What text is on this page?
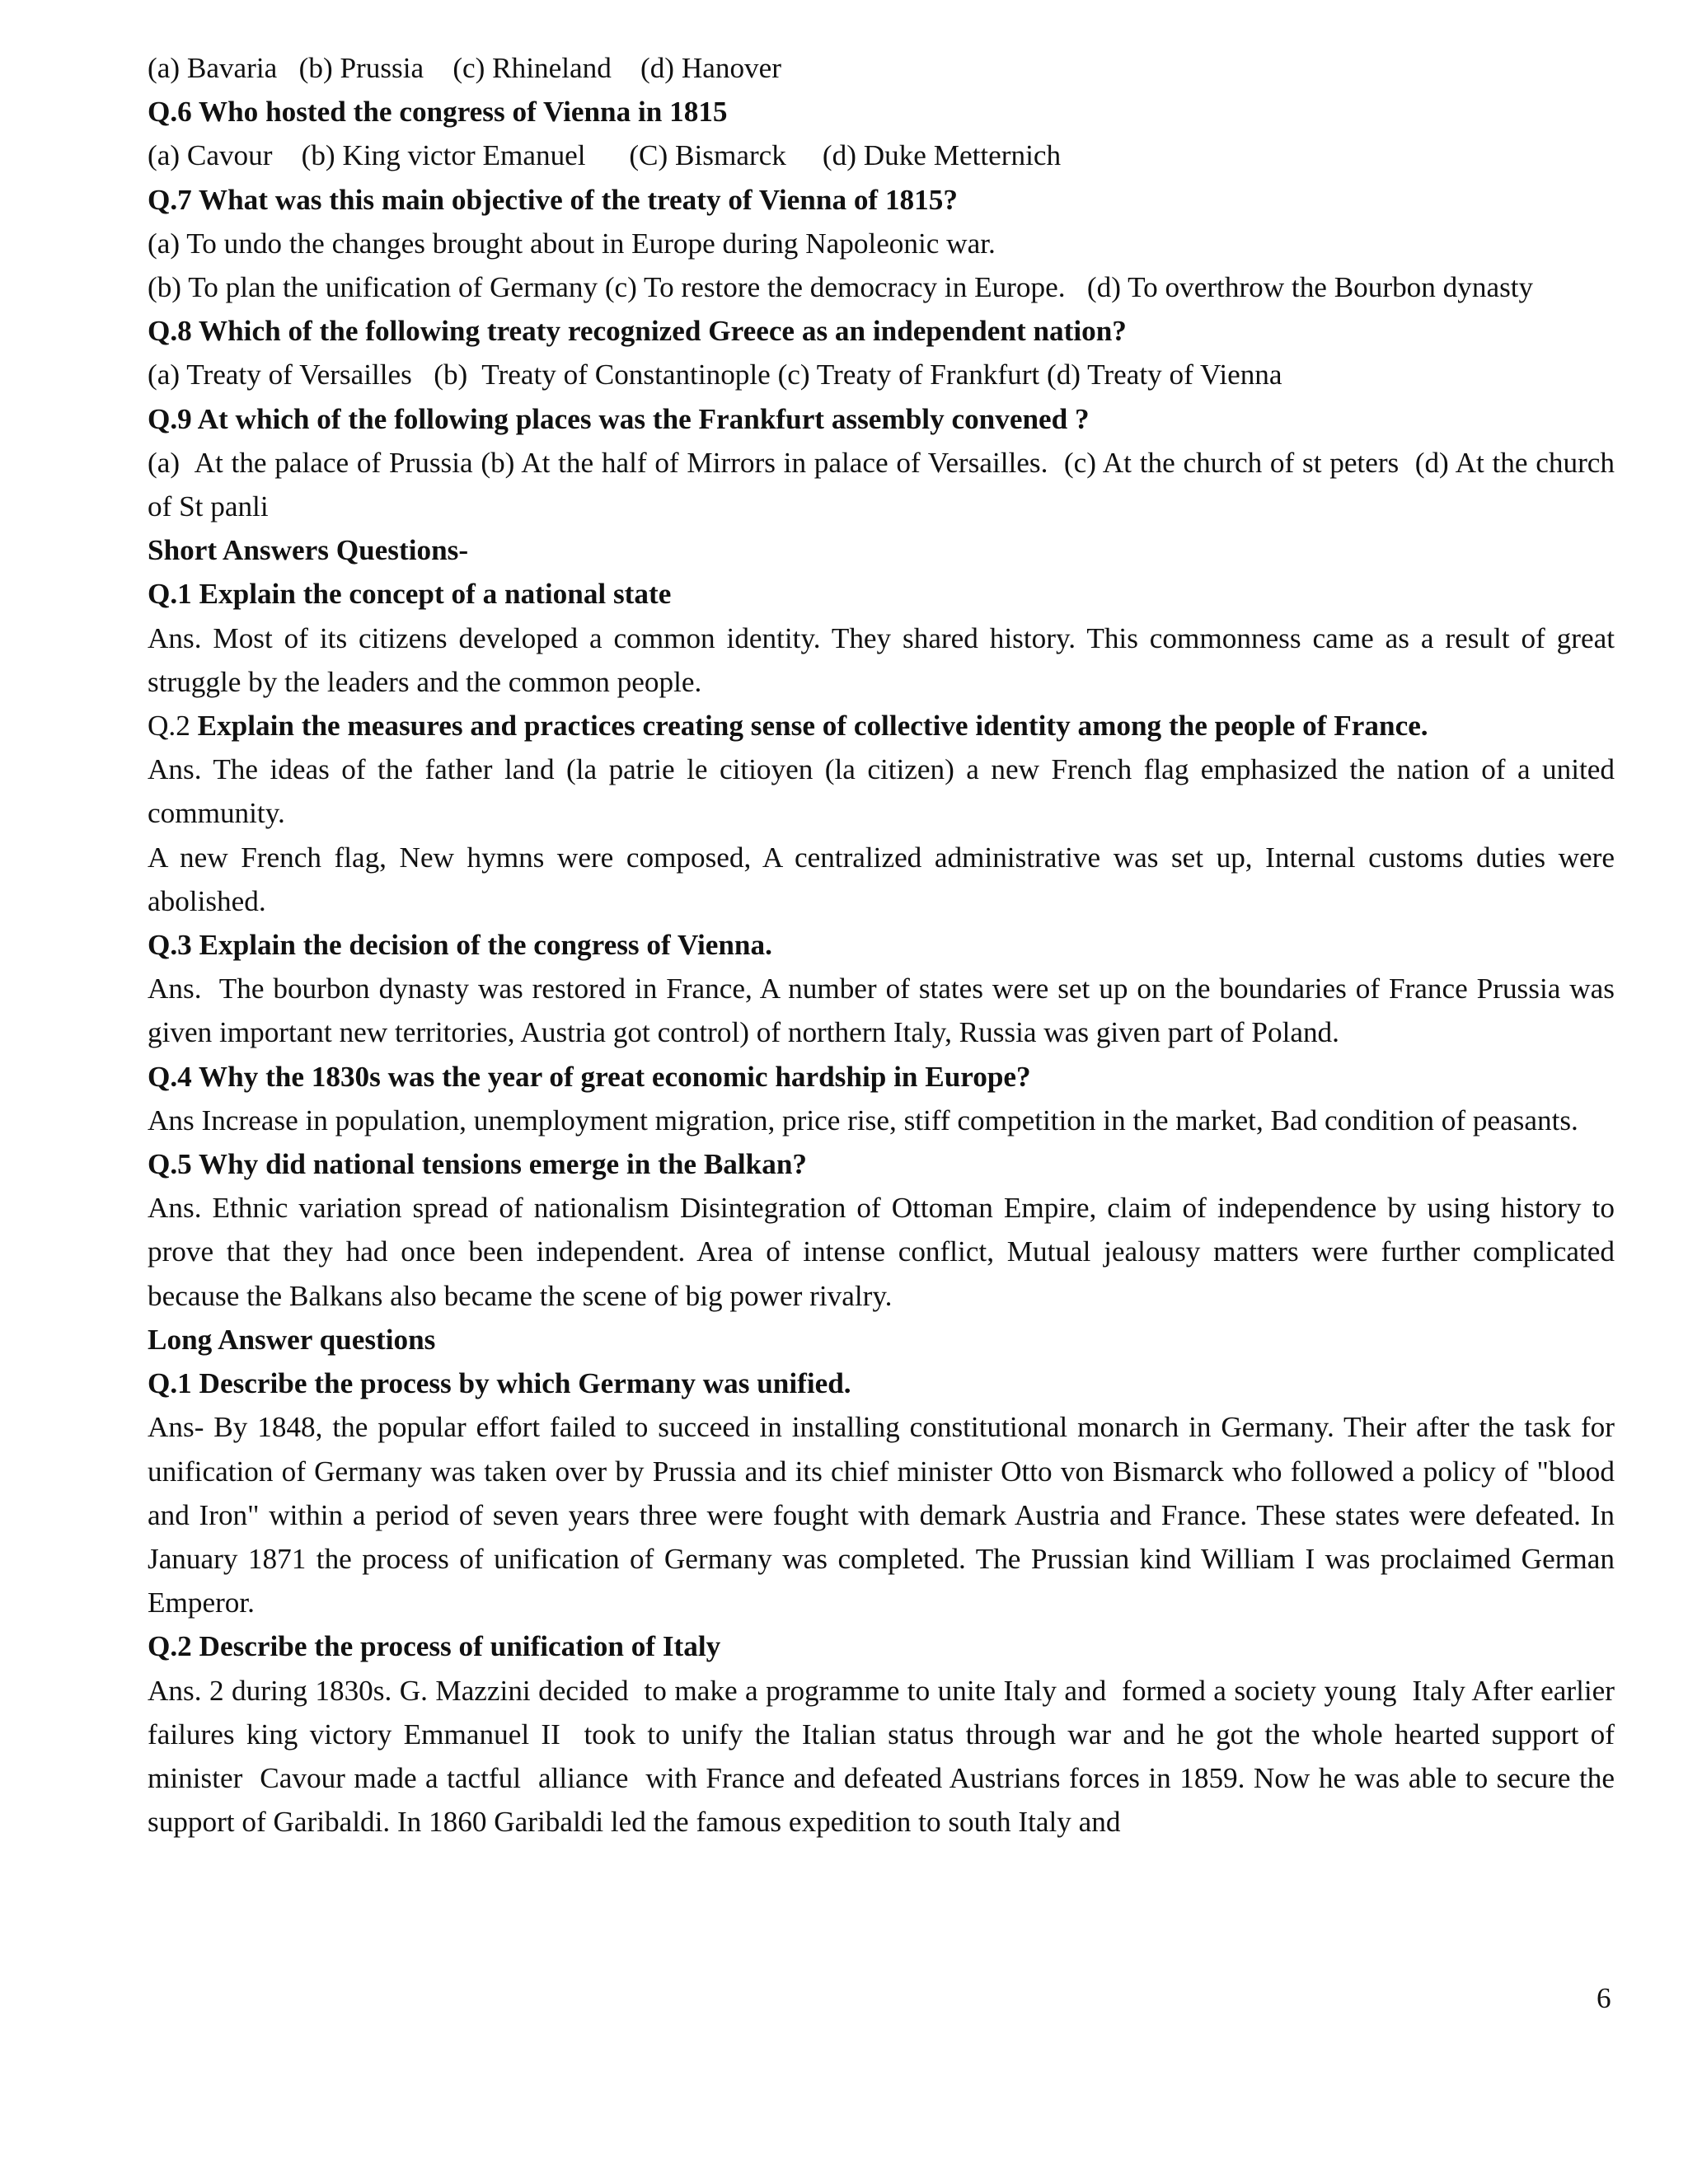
(a) Bavaria   (b) Prussia    (c) Rhineland    (d) Hanover
Q.6 Who hosted the congress of Vienna in 1815
(a) Cavour    (b) King victor Emanuel      (C) Bismarck     (d) Duke Metternich
Q.7 What was this main objective of the treaty of Vienna of 1815?
(a) To undo the changes brought about in Europe during Napoleonic war.
(b) To plan the unification of Germany (c) To restore the democracy in Europe.   (d) To overthrow the Bourbon dynasty
Q.8 Which of the following treaty recognized Greece as an independent nation?
(a) Treaty of Versailles   (b)  Treaty of Constantinople (c) Treaty of Frankfurt (d) Treaty of Vienna
Q.9 At which of the following places was the Frankfurt assembly convened ?
(a)  At the palace of Prussia (b) At the half of Mirrors in palace of Versailles.  (c) At the church of st peters  (d) At the church of St panli
Short Answers Questions-
Q.1 Explain the concept of a national state
Ans. Most of its citizens developed a common identity. They shared history. This commonness came as a result of great struggle by the leaders and the common people.
Q.2 Explain the measures and practices creating sense of collective identity among the people of France.
Ans. The ideas of the father land (la patrie le citioyen (la citizen) a new French flag emphasized the nation of a united community.
A new French flag, New hymns were composed, A centralized administrative was set up, Internal customs duties were abolished.
Q.3 Explain the decision of the congress of Vienna.
Ans.  The bourbon dynasty was restored in France, A number of states were set up on the boundaries of France Prussia was given important new territories, Austria got control) of northern Italy, Russia was given part of Poland.
Q.4 Why the 1830s was the year of great economic hardship in Europe?
Ans Increase in population, unemployment migration, price rise, stiff competition in the market, Bad condition of peasants.
Q.5 Why did national tensions emerge in the Balkan?
Ans. Ethnic variation spread of nationalism Disintegration of Ottoman Empire, claim of independence by using history to prove that they had once been independent. Area of intense conflict, Mutual jealousy matters were further complicated because the Balkans also became the scene of big power rivalry.
Long Answer questions
Q.1 Describe the process by which Germany was unified.
Ans- By 1848, the popular effort failed to succeed in installing constitutional monarch in Germany. Their after the task for unification of Germany was taken over by Prussia and its chief minister Otto von Bismarck who followed a policy of "blood and Iron" within a period of seven years three were fought with demark Austria and France. These states were defeated. In January 1871 the process of unification of Germany was completed. The Prussian kind William I was proclaimed German Emperor.
Q.2 Describe the process of unification of Italy
Ans. 2 during 1830s. G. Mazzini decided  to make a programme to unite Italy and  formed a society young  Italy After earlier  failures king victory Emmanuel II  took to unify the Italian status through war and he got the whole hearted support of  minister  Cavour made a tactful  alliance  with France and defeated Austrians forces in 1859. Now he was able to secure the support of Garibaldi. In 1860 Garibaldi led the famous expedition to south Italy and
6
